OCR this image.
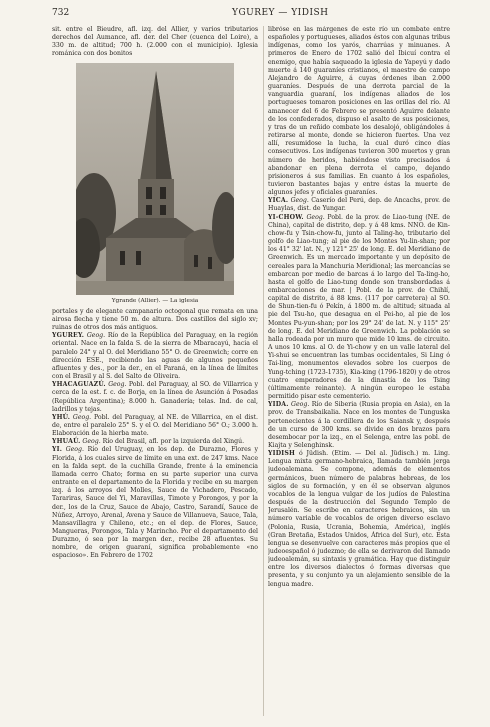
732	YGUREY — YIDISH

sit. entre el Bieudre, afl. izq. del Allier, y varios tributarios derechos del Aumance, afl. der. del Cher (cuenca del Loire), a 330 m. de altitud; 700 h. (2.000 con el municipio). Iglesia románica con dos bonitos

Ygrande (Allier). — La iglesia

portales y de elegante campanario octogonal que remata en una airosa flecha y tiene 50 m. de altura. Dos castillos del siglo xv; ruinas de otros dos más antiguos.

YGUREY. Geog. Río de la República del Paraguay, en la región oriental. Nace en la falda S. de la sierra de Mbaracayú, hacia el paralelo 24° y al O. del Meridiano 55° O. de Greenwich; corre en dirección ESE., recibiendo las aguas de algunos pequeños afluentes y des., por la der., en el Paraná, en la línea de límites con el Brasil y al S. del Salto de Oliveira.

YHACAGUAZÚ. Geog. Pobl. del Paraguay, al SO. de Villarrica y cerca de la est. f. c. de Borja, en la línea de Asunción á Posadas (República Argentina); 8.000 h. Ganadería; telas. Ind. de cal, ladrillos y tejas.

YHÚ. Geog. Pobl. del Paraguay, al NE. de Villarrica, en el dist. de, entre el paralelo 25° S. y el O. del Meridiano 56° O.; 3.000 h. Elaboración de la hierba mate.

YHUAÚ. Geog. Río del Brasil, afl. por la izquierda del Xingú.

YI. Geog. Río del Uruguay, en los dep. de Durazno, Flores y Florida, á los cuales sirve de límite en una ext. de 247 kms. Nace en la falda sept. de la cuchilla Grande, frente á la eminencia llamada cerro Chato; forma en su parte superior una curva entrante en el departamento de la Florida y recibe en su margen izq. á los arroyos del Molles, Sauce de Vichadero, Pescado, Tarariras, Sauce del Yi, Maravillas, Timote y Porongos, y por la der., los de la Cruz, Sauce de Abajo, Castro, Sarandí, Sauce de Núñez, Arroyo, Arenal, Avena y Sauce de Villanueva, Sauce, Tala, Mansavillagra y Chileno, etc.; en el dep. de Flores, Sauce, Mangueras, Porongos, Tala y Marincho. Por el departamento del Durazno, ó sea por la margen der., recibe 28 afluentes. Su nombre, de origen guaraní, significa probablemente «no espacioso». En Febrero de 1702

libróse en las márgenes de este río un combate entre españoles y portugueses, aliados éstos con algunas tribus indígenas, como los yarós, charrúas y minuanes. A primeros de Enero de 1702 salió del Ibicuí contra el enemigo, que había saqueado la iglesia de Yapeyú y dado muerte á 140 guaraníes cristianos, el maestre de campo Alejandro de Aguirre, á cuyas órdenes iban 2.000 guaraníes. Después de una derrota parcial de la vanguardia guaraní, los indígenas aliados de los portugueses tomaron posiciones en las orillas del río. Al amanecer del 6 de Febrero se presentó Aguirre delante de los confederados, dispuso el asalto de sus posiciones, y tras de un reñido combate los desalojó, obligándoles á retirarse al monte, donde se hicieron fuertes. Una vez allí, resumidose la lucha, la cual duró cinco días consecutivos. Los indígenas tuvieron 300 muertos y gran número de heridos, habiéndose visto precisados á abandonar en plena derrota el campo, dejando prisioneros á sus familias. En cuanto á los españoles, tuvieron bastantes bajas y entre éstas la muerte de algunos jefes y oficiales guaraníes.

YICA. Geog. Caserío del Perú, dep. de Ancachs, prov. de Huaylas, dist. de Yungar.

YI-CHOW. Geog. Pobl. de la prov. de Liao-tung (NE. de China), capital de distrito, dep. y á 48 kms. NNO. de Kin-chow-fu y Tsin-chow-fu, junto al Taling-ho, tributario del golfo de Liao-tung; al pie de los Montes Yu-lin-shan; por los 41° 32' lat. N., y 121° 25' de long. E. del Meridiano de Greenwich. Es un mercado importante y un depósito de cereales para la Manchuria Meridional; las mercancías se embarcan por medio de barcas á lo largo del Ta-ling-ho, hasta el golfo de Liao-tung donde son transbordadas á embarcaciones de mar. | Pobl. de la prov. de Chihlí, capital de distrito, á 88 kms. (117 por carretera) al SO. de Shun-tien-fu ó Pekín, á 1800 m. de altitud; situada al pie del Tsu-ho, que desagua en el Pei-ho, al pie de los Montes Pu-yun-shan; por los 29° 24' de lat. N. y 115° 25' de long. E. del Meridiano de Greenwich. La población se halla rodeada por un muro que mide 10 kms. de circuito. A unos 10 kms. al O. de Yi-chow y en un valle lateral del Yi-shui se encuentran las tumbas occidentales, Si Ling ó Tai-ling, monumentos elevados sobre los cuerpos de Yung-tching (1723-1735), Kia-king (1796-1820) y de otros cuatro emperadores de la dinastía de los Tsing (últimamente reinante). A ningún europeo le estaba permitido pisar este cementerio.

YIDA. Geog. Río de Siberia (Rusia propia en Asia), en la prov. de Transbaikalia. Nace en los montes de Tunguska pertenecientes á la cordillera de los Saiansk y, después de un curso de 300 kms. se divide en dos brazos para desembocar por la izq., en el Selenga, entre las pobl. de Kiajta y Selenghinsk.

YIDISH ó Jüdish. (Etim. — Del al. Jüdisch.) m. Ling. Lengua mixta germano-hebraica, llamada también jerga judeoalemana. Se compone, además de elementos germánicos, buen número de palabras hebreas, de los siglos de su formación, y en él se observan algunos vocablos de la lengua vulgar de los judíos de Palestina después de la destrucción del Segundo Templo de Jerusalén. Se escribe en caracteres hebraicos, sin un número variable de vocablos de origen diverso esclavo (Polonia, Rusia, Ucrania, Bohemia, América), inglés (Gran Bretaña, Estados Unidos, África del Sur), etc. Esta lengua se desenvuelve con caracteres más propios que el judeoespañol ó judezmo; de ella se derivaron del llamado judeoalemán, su sintaxis y gramática. Hay que distinguir entre los diversos dialectos ó formas diversas que presenta, y su conjunto ya un alejamiento sensible de la lengua madre.
